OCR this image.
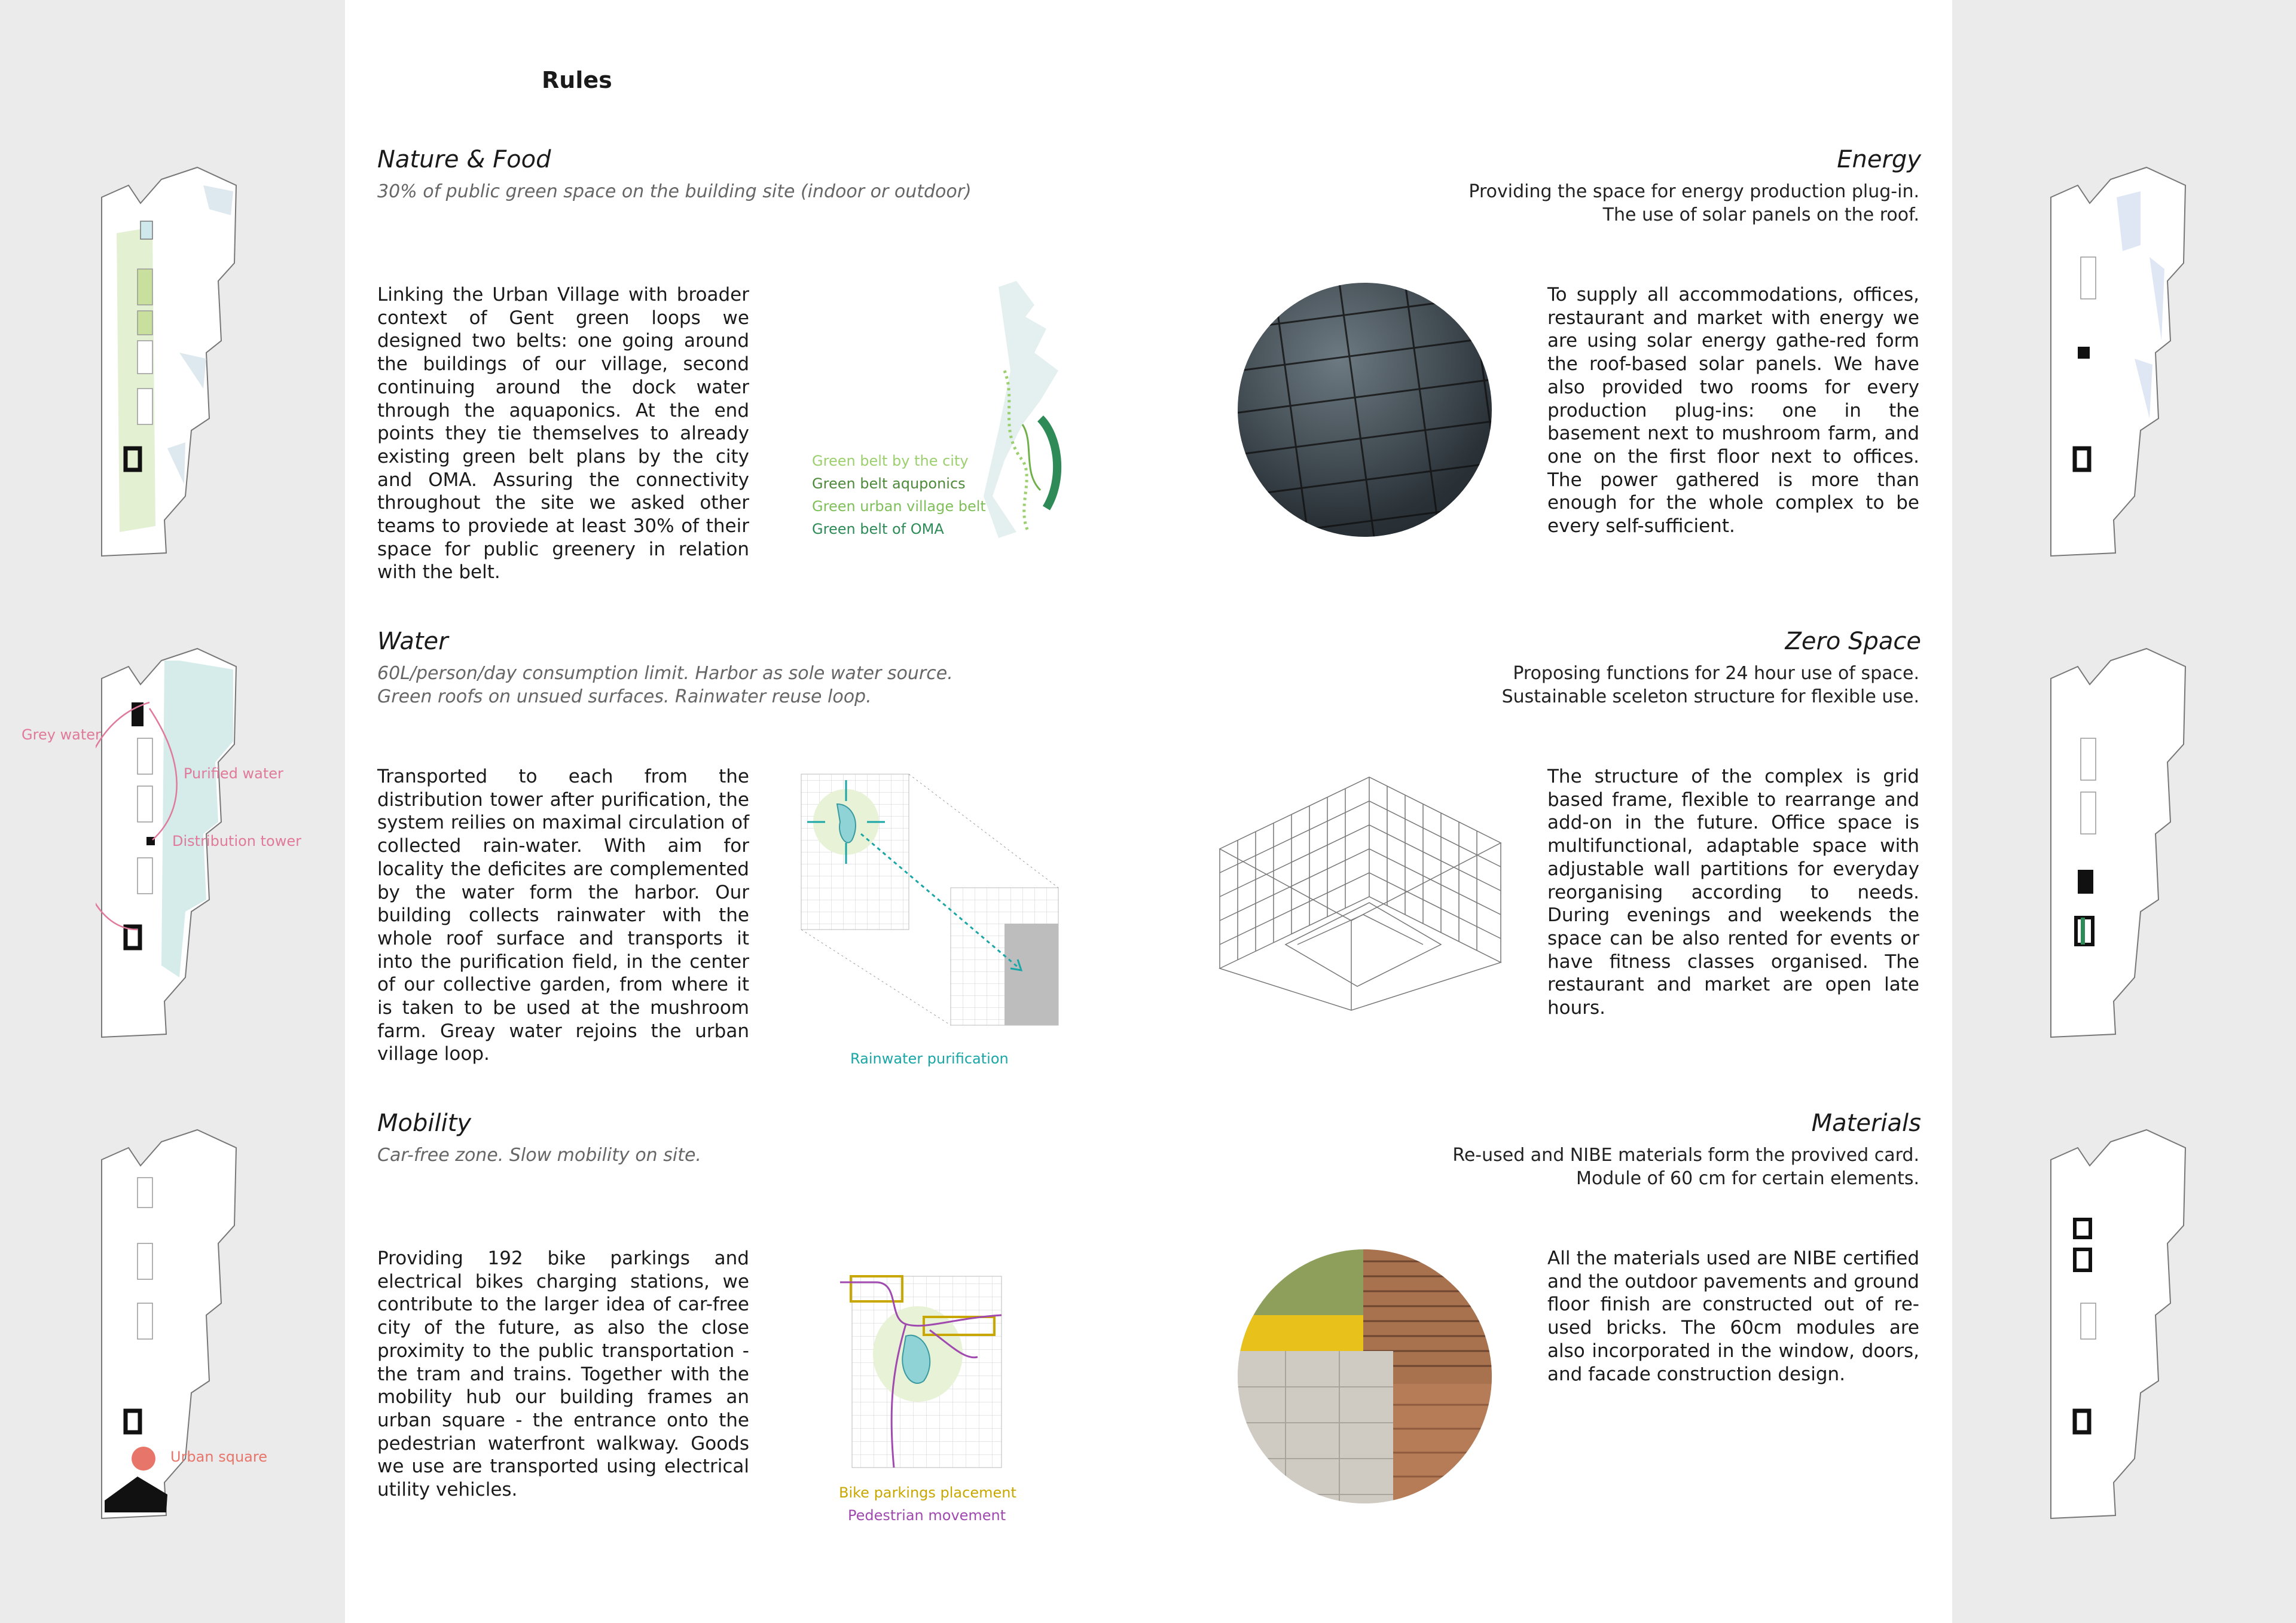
Grey water
Purified water
Distribution tower
Urban square
Rules
Nature & Food
30% of public green space on the building site (indoor or outdoor)
Linking the Urban Village with broader context of Gent green loops we designed two belts: one going around the buildings of our village, second continuing around the dock water through the aquaponics. At the end points they tie themselves to already existing green belt plans by the city and OMA. Assuring the connectivity throughout the site we asked other teams to proviede at least 30% of their space for public greenery in relation with the belt.
Green belt by the city
Green belt aquponics
Green urban village belt
Green belt of OMA
Energy
Providing the space for energy production plug-in.
The use of solar panels on the roof.
To supply all accommodations, offices, restaurant and market with energy we are using solar energy gathe-red form the roof-based solar panels. We have also provided two rooms for every production plug-ins: one in the basement next to mushroom farm, and one on the first floor next to offices. The power gathered is more than enough for the whole complex to be every self-sufficient.
Water
60L/person/day consumption limit. Harbor as sole water source.
Green roofs on unsued surfaces. Rainwater reuse loop.
Transported to each from the distribution tower after purification, the system reilies on maximal circulation of collected rain-water. With aim for locality the deficites are complemented by the water form the harbor. Our building collects rainwater with the whole roof surface and transports it into the purification field, in the center of our collective garden, from where it is taken to be used at the mushroom farm. Greay water rejoins the urban village loop.	Rainwater purification
Zero Space
Proposing functions for 24 hour use of space.
Sustainable sceleton structure for flexible use.
The structure of the complex is grid based frame, flexible to rearrange and add-on in the future. Office space is multifunctional, adaptable space with adjustable wall partitions for everyday reorganising according to needs. During evenings and weekends the space can be also rented for events or have fitness classes organised. The restaurant and market are open late hours.
Mobility
Car-free zone. Slow mobility on site.
Providing 192 bike parkings and electrical bikes charging stations, we contribute to the larger idea of car-free city of the future, as also the close proximity to the public transportation - the tram and trains. Together with the mobility hub our building frames an urban square - the entrance onto the pedestrian waterfront walkway. Goods we use are transported using electrical utility vehicles.	Bike parkings placement
Pedestrian movement
Materials
Re-used and NIBE materials form the provived card.
Module of 60 cm for certain elements.
All the materials used are NIBE certified and the outdoor pavements and ground floor finish are constructed out of re-used bricks. The 60cm modules are also incorporated in the window, doors, and facade construction design.
